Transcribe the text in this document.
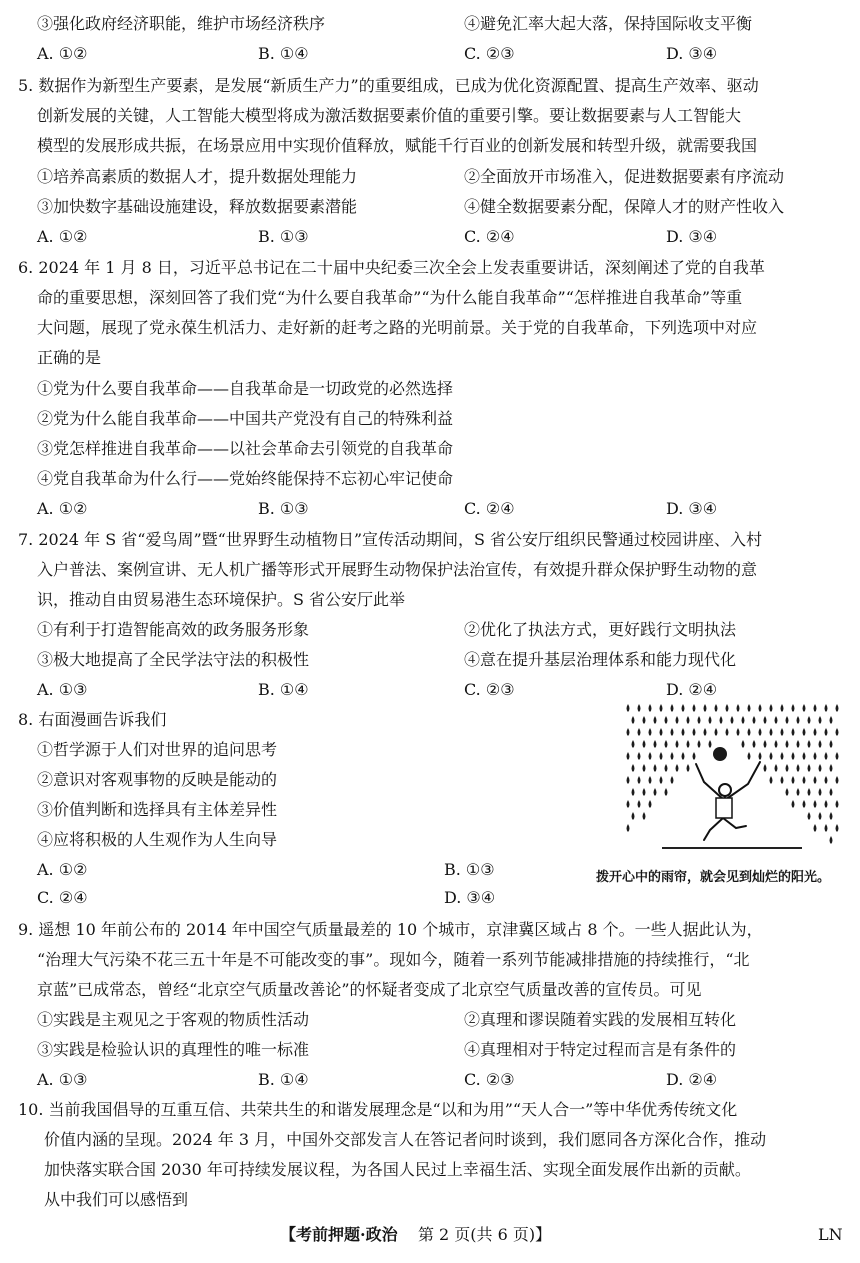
③强化政府经济职能，维护市场经济秩序	④避免汇率大起大落，保持国际收支平衡
A. ①②	B. ①④	C. ②③	D. ③④
5. 数据作为新型生产要素，是发展“新质生产力”的重要组成，已成为优化资源配置、提高生产效率、驱动
创新发展的关键，人工智能大模型将成为激活数据要素价值的重要引擎。要让数据要素与人工智能大
模型的发展形成共振，在场景应用中实现价值释放，赋能千行百业的创新发展和转型升级，就需要我国
①培养高素质的数据人才，提升数据处理能力	②全面放开市场准入，促进数据要素有序流动
③加快数字基础设施建设，释放数据要素潜能	④健全数据要素分配，保障人才的财产性收入
A. ①②	B. ①③	C. ②④	D. ③④
6. 2024 年 1 月 8 日，习近平总书记在二十届中央纪委三次全会上发表重要讲话，深刻阐述了党的自我革
命的重要思想，深刻回答了我们党“为什么要自我革命”“为什么能自我革命”“怎样推进自我革命”等重
大问题，展现了党永葆生机活力、走好新的赶考之路的光明前景。关于党的自我革命，下列选项中对应
正确的是
①党为什么要自我革命——自我革命是一切政党的必然选择
②党为什么能自我革命——中国共产党没有自己的特殊利益
③党怎样推进自我革命——以社会革命去引领党的自我革命
④党自我革命为什么行——党始终能保持不忘初心牢记使命
A. ①②	B. ①③	C. ②④	D. ③④
7. 2024 年 S 省“爱鸟周”暨“世界野生动植物日”宣传活动期间，S 省公安厅组织民警通过校园讲座、入村
入户普法、案例宣讲、无人机广播等形式开展野生动物保护法治宣传，有效提升群众保护野生动物的意
识，推动自由贸易港生态环境保护。S 省公安厅此举
①有利于打造智能高效的政务服务形象	②优化了执法方式，更好践行文明执法
③极大地提高了全民学法守法的积极性	④意在提升基层治理体系和能力现代化
A. ①③	B. ①④	C. ②③	D. ②④
8. 右面漫画告诉我们
①哲学源于人们对世界的追问思考
②意识对客观事物的反映是能动的
③价值判断和选择具有主体差异性
④应将积极的人生观作为人生向导
A. ①②	B. ①③
C. ②④	D. ③④
拨开心中的雨帘，就会见到灿烂的阳光。
9. 遥想 10 年前公布的 2014 年中国空气质量最差的 10 个城市，京津冀区域占 8 个。一些人据此认为，
“治理大气污染不花三五十年是不可能改变的事”。现如今，随着一系列节能减排措施的持续推行，“北
京蓝”已成常态，曾经“北京空气质量改善论”的怀疑者变成了北京空气质量改善的宣传员。可见
①实践是主观见之于客观的物质性活动	②真理和谬误随着实践的发展相互转化
③实践是检验认识的真理性的唯一标准	④真理相对于特定过程而言是有条件的
A. ①③	B. ①④	C. ②③	D. ②④
10. 当前我国倡导的互重互信、共荣共生的和谐发展理念是“以和为用”“天人合一”等中华优秀传统文化
价值内涵的呈现。2024 年 3 月，中国外交部发言人在答记者问时谈到，我们愿同各方深化合作，推动
加快落实联合国 2030 年可持续发展议程，为各国人民过上幸福生活、实现全面发展作出新的贡献。
从中我们可以感悟到
【考前押题·政治 第 2 页(共 6 页)】	LN
